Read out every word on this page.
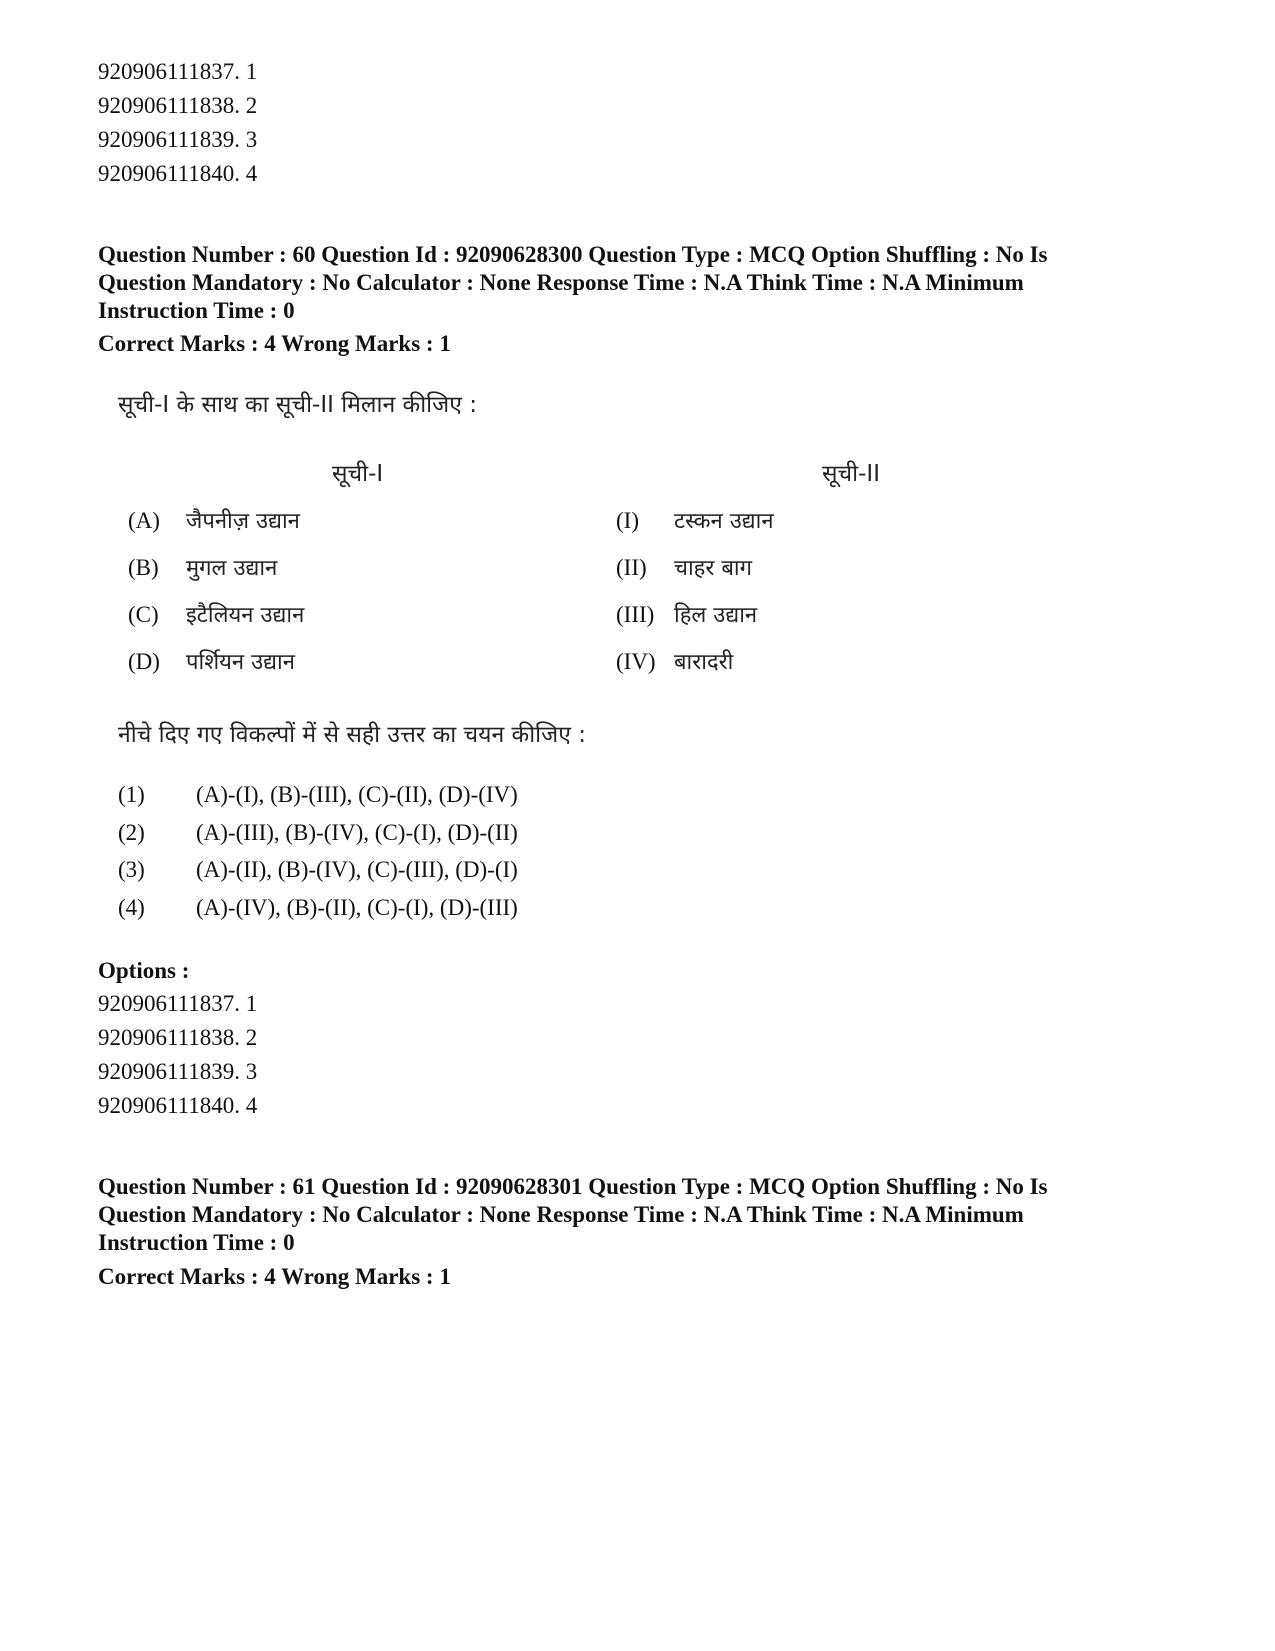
920906111837. 1
920906111838. 2
920906111839. 3
920906111840. 4
Question Number : 60 Question Id : 92090628300 Question Type : MCQ Option Shuffling : No Is
Question Mandatory : No Calculator : None Response Time : N.A Think Time : N.A Minimum
Instruction Time : 0
Correct Marks : 4 Wrong Marks : 1
सूची-I के साथ का सूची-II मिलान कीजिए :
सूची-I	सूची-II
(A) जैपनीज़ उद्यान
(B) मुगल उद्यान
(C) इटैलियन उद्यान
(D) पर्शियन उद्यान
(I) टस्कन उद्यान
(II) चाहर बाग
(III) हिल उद्यान
(IV) बारादरी
नीचे दिए गए विकल्पों में से सही उत्तर का चयन कीजिए :
(1) (A)-(I), (B)-(III), (C)-(II), (D)-(IV)
(2) (A)-(III), (B)-(IV), (C)-(I), (D)-(II)
(3) (A)-(II), (B)-(IV), (C)-(III), (D)-(I)
(4) (A)-(IV), (B)-(II), (C)-(I), (D)-(III)
Options :
920906111837. 1
920906111838. 2
920906111839. 3
920906111840. 4
Question Number : 61 Question Id : 92090628301 Question Type : MCQ Option Shuffling : No Is
Question Mandatory : No Calculator : None Response Time : N.A Think Time : N.A Minimum
Instruction Time : 0
Correct Marks : 4 Wrong Marks : 1
